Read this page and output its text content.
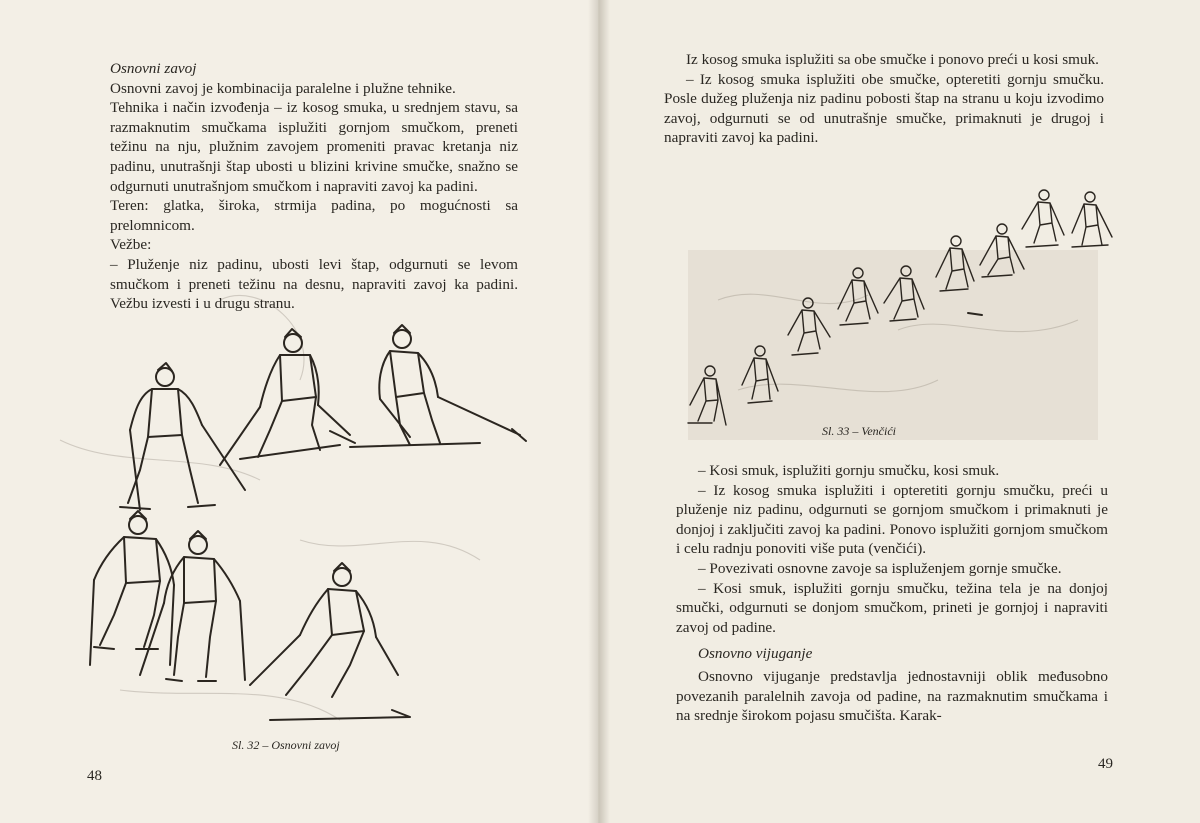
Osnovni zavoj

Osnovni zavoj je kombinacija paralelne i plužne tehnike.

Tehnika i način izvođenja – iz kosog smuka, u srednjem stavu, sa razmaknutim smučkama isplužiti gornjom smučkom, preneti težinu na nju, plužnim zavojem promeniti pravac kretanja niz padinu, unutrašnji štap ubosti u blizini krivine smučke, snažno se odgurnuti unutrašnjom smučkom i napraviti zavoj ka padini.

Teren: glatka, široka, strmija padina, po mogućnosti sa prelomnicom.

Vežbe:

– Pluženje niz padinu, ubosti levi štap, odgurnuti se levom smučkom i preneti težinu na desnu, napraviti zavoj ka padini. Vežbu izvesti i u drugu stranu.

Sl. 32 – Osnovni zavoj
48

Iz kosog smuka isplužiti sa obe smučke i ponovo preći u kosi smuk.

– Iz kosog smuka isplužiti obe smučke, opteretiti gornju smučku. Posle dužeg pluženja niz padinu pobosti štap na stranu u koju izvodimo zavoj, odgurnuti se od unutrašnje smučke, primaknuti je drugoj i napraviti zavoj ka padini.

Sl. 33 – Venčići

– Kosi smuk, isplužiti gornju smučku, kosi smuk.

– Iz kosog smuka isplužiti i opteretiti gornju smučku, preći u pluženje niz padinu, odgurnuti se gornjom smučkom i primaknuti je donjoj i zaključiti zavoj ka padini. Ponovo isplužiti gornjom smučkom i celu radnju ponoviti više puta (venčići).

– Povezivati osnovne zavoje sa ispluženjem gornje smučke.

– Kosi smuk, isplužiti gornju smučku, težina tela je na donjoj smučki, odgurnuti se donjom smučkom, prineti je gornjoj i napraviti zavoj od padine.

Osnovno vijuganje

Osnovno vijuganje predstavlja jednostavniji oblik međusobno povezanih paralelnih zavoja od padine, na razmaknutim smučkama i na srednje širokom pojasu smučišta. Karak-

49
